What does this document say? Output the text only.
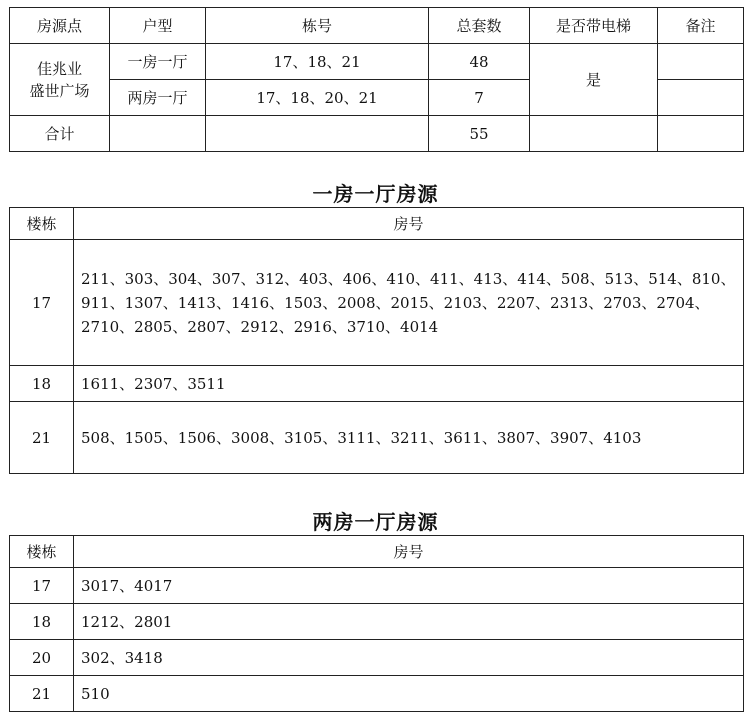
房源点	户型	栋号	总套数	是否带电梯	备注

佳兆业
盛世广场	一房一厅	17、18、21	48	是	
	两房一厅	17、18、20、21	7		
合计			55		
一房一厅房源
楼栋	房号
17	211、303、304、307、312、403、406、410、411、413、414、508、513、514、810、911、1307、1413、1416、1503、2008、2015、2103、2207、2313、2703、2704、2710、2805、2807、2912、2916、3710、4014
18	1611、2307、3511
21	508、1505、1506、3008、3105、3111、3211、3611、3807、3907、4103
两房一厅房源
楼栋	房号
17	3017、4017
18	1212、2801
20	302、3418
21	510
